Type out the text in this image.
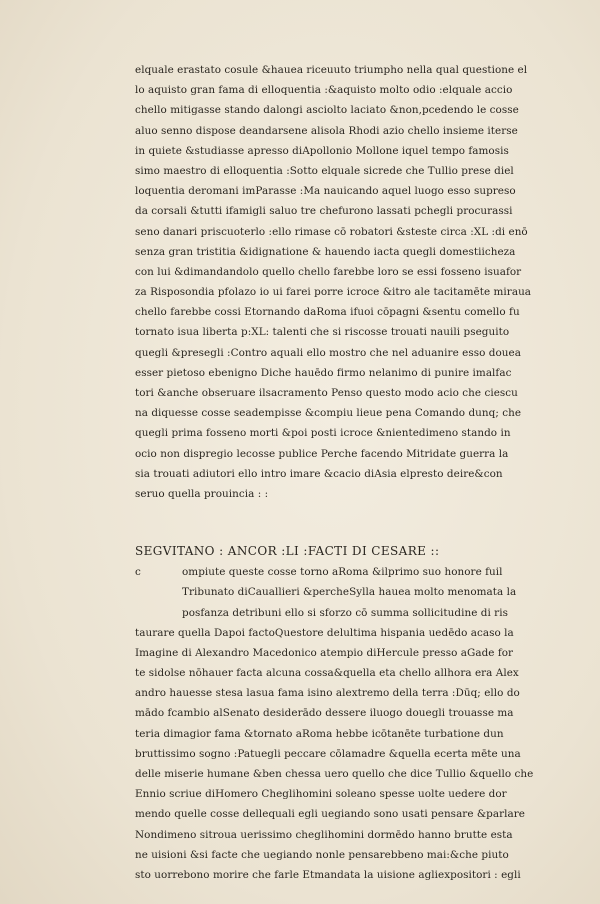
elquale erastato cosule &hauea riceuuto triumpho nella qual questione el
lo aquisto gran fama di elloquentia :&aquisto molto odio :elquale accio
chello mitigasse stando dalongi asciolto laciato &non,pcedendo le cosse
aluo senno dispose deandarsene alisola Rhodi azio chello insieme iterse
in quiete &studiasse apresso diApollonio Mollone iquel tempo famosis
simo maestro di elloquentia :Sotto elquale sicrede che Tullio prese diel
loquentia deromani imParasse :Ma nauicando aquel luogo esso supreso
da corsali &tutti ifamigli saluo tre chefurono lassati pchegli procurassi
seno danari priscuoterlo :ello rimase cō robatori &steste circa :XL :di enō
senza gran tristitia &idignatione & hauendo iacta quegli domestiicheza
con lui &dimandandolo quello chello farebbe loro se essi fosseno isuafor
za Risposondia pfolazo io ui farei porre icroce &itro ale tacitamēte miraua
chello farebbe cossi Etornando daRoma ifuoi cōpagni &sentu comello fu
tornato isua liberta p:XL: talenti che si riscosse trouati nauili pseguito
quegli &presegli :Contro aquali ello mostro che nel aduanire esso douea
esser pietoso ebenigno Diche hauēdo firmo nelanimo di punire imalfac
tori &anche obseruare ilsacramento Penso questo modo acio che ciescu
na diquesse cosse seadempisse &compiu lieue pena Comando dunq; che
quegli prima fosseno morti &poi posti icroce &nientedimeno stando in
ocio non dispregio lecosse publice Perche facendo Mitridate guerra la
sia trouati adiutori ello intro imare &cacio diAsia elpresto deire&con
seruo quella prouincia : :
SEGVITANO : ANCOR :LI :FACTI DI CESARE ::
c	ompiute queste cosse torno aRoma &ilprimo suo honore fuil
Tribunato diCauallieri &percheSylla hauea molto menomata la
posfanza detribuni ello si sforzo cō summa sollicitudine di ris
taurare quella Dapoi factoQuestore delultima hispania uedēdo acaso la
Imagine di Alexandro Macedonico atempio diHercule presso aGade for
te sidolse nōhauer facta alcuna cossa&quella eta chello allhora era Alex
andro hauesse stesa lasua fama isino alextremo della terra :Dūq; ello do
mādo fcambio alSenato desiderādo dessere iluogo douegli trouasse ma
teria dimagior fama &tornato aRoma hebbe icōtanēte turbatione dun
bruttissimo sogno :Patuegli peccare cōlamadre &quella ecerta mēte una
delle miserie humane &ben chessa uero quello che dice Tullio &quello che
Ennio scriue diHomero Cheglihomini soleano spesse uolte uedere dor
mendo quelle cosse dellequali egli uegiando sono usati pensare &parlare
Nondimeno sitroua uerissimo cheglihomini dormēdo hanno brutte esta
ne uisioni &si facte che uegiando nonle pensarebbeno mai:&che piuto
sto uorrebono morire che farle Etmandata la uisione agliexpositori : egli
